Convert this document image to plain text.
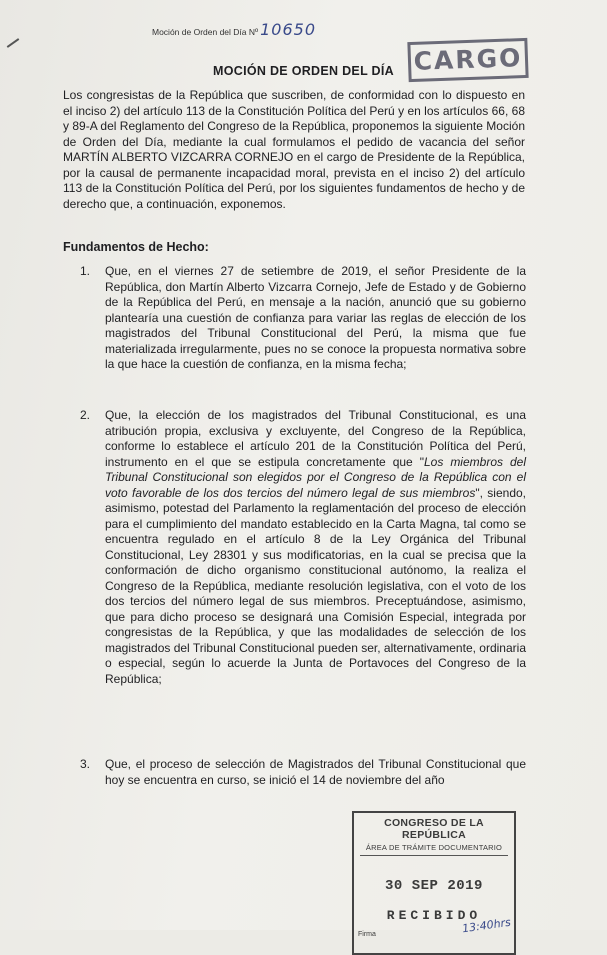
Moción de Orden del Día Nº 10650
CARGO
MOCIÓN DE ORDEN DEL DÍA

Los congresistas de la República que suscriben, de conformidad con lo dispuesto en el inciso 2) del artículo 113 de la Constitución Política del Perú y en los artículos 66, 68 y 89-A del Reglamento del Congreso de la República, proponemos la siguiente Moción de Orden del Día, mediante la cual formulamos el pedido de vacancia del señor MARTÍN ALBERTO VIZCARRA CORNEJO en el cargo de Presidente de la República, por la causal de permanente incapacidad moral, prevista en el inciso 2) del artículo 113 de la Constitución Política del Perú, por los siguientes fundamentos de hecho y de derecho que, a continuación, exponemos.

Fundamentos de Hecho:

1. Que, en el viernes 27 de setiembre de 2019, el señor Presidente de la República, don Martín Alberto Vizcarra Cornejo, Jefe de Estado y de Gobierno de la República del Perú, en mensaje a la nación, anunció que su gobierno plantearía una cuestión de confianza para variar las reglas de elección de los magistrados del Tribunal Constitucional del Perú, la misma que fue materializada irregularmente, pues no se conoce la propuesta normativa sobre la que hace la cuestión de confianza, en la misma fecha;

2. Que, la elección de los magistrados del Tribunal Constitucional, es una atribución propia, exclusiva y excluyente, del Congreso de la República, conforme lo establece el artículo 201 de la Constitución Política del Perú, instrumento en el que se estipula concretamente que "Los miembros del Tribunal Constitucional son elegidos por el Congreso de la República con el voto favorable de los dos tercios del número legal de sus miembros", siendo, asimismo, potestad del Parlamento la reglamentación del proceso de elección para el cumplimiento del mandato establecido en la Carta Magna, tal como se encuentra regulado en el artículo 8 de la Ley Orgánica del Tribunal Constitucional, Ley 28301 y sus modificatorias, en la cual se precisa que la conformación de dicho organismo constitucional autónomo, la realiza el Congreso de la República, mediante resolución legislativa, con el voto de los dos tercios del número legal de sus miembros. Preceptuándose, asimismo, que para dicho proceso se designará una Comisión Especial, integrada por congresistas de la República, y que las modalidades de selección de los magistrados del Tribunal Constitucional pueden ser, alternativamente, ordinaria o especial, según lo acuerde la Junta de Portavoces del Congreso de la República;

3. Que, el proceso de selección de Magistrados del Tribunal Constitucional que hoy se encuentra en curso, se inició el 14 de noviembre del año

CONGRESO DE LA REPÚBLICA
ÁREA DE TRÁMITE DOCUMENTARIO
30 SEP 2019
RECIBIDO
Firma	13:40hrs
